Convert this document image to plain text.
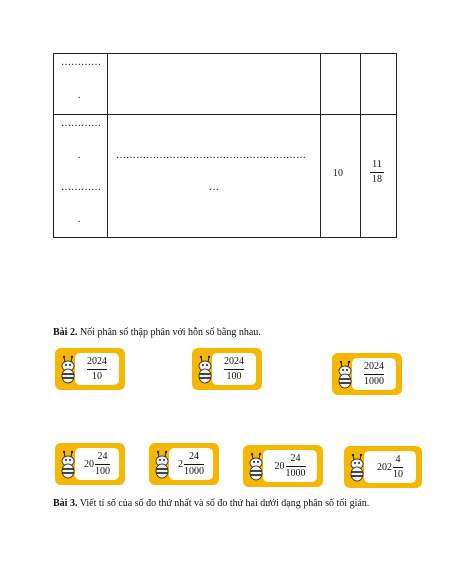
…………
.
…………
.
…………
.
…………………………………………………
…
10
11
18
Bài 2. Nối phân số thập phân với hỗn số bằng nhau.
2024
10
2024
100
2024
1000
20
24
100
2
24
1000	20
24
1000
202
4
10
Bài 3. Viết tỉ số của số đo thứ nhất và số đo thứ hai dưới dạng phân số tối giản.
